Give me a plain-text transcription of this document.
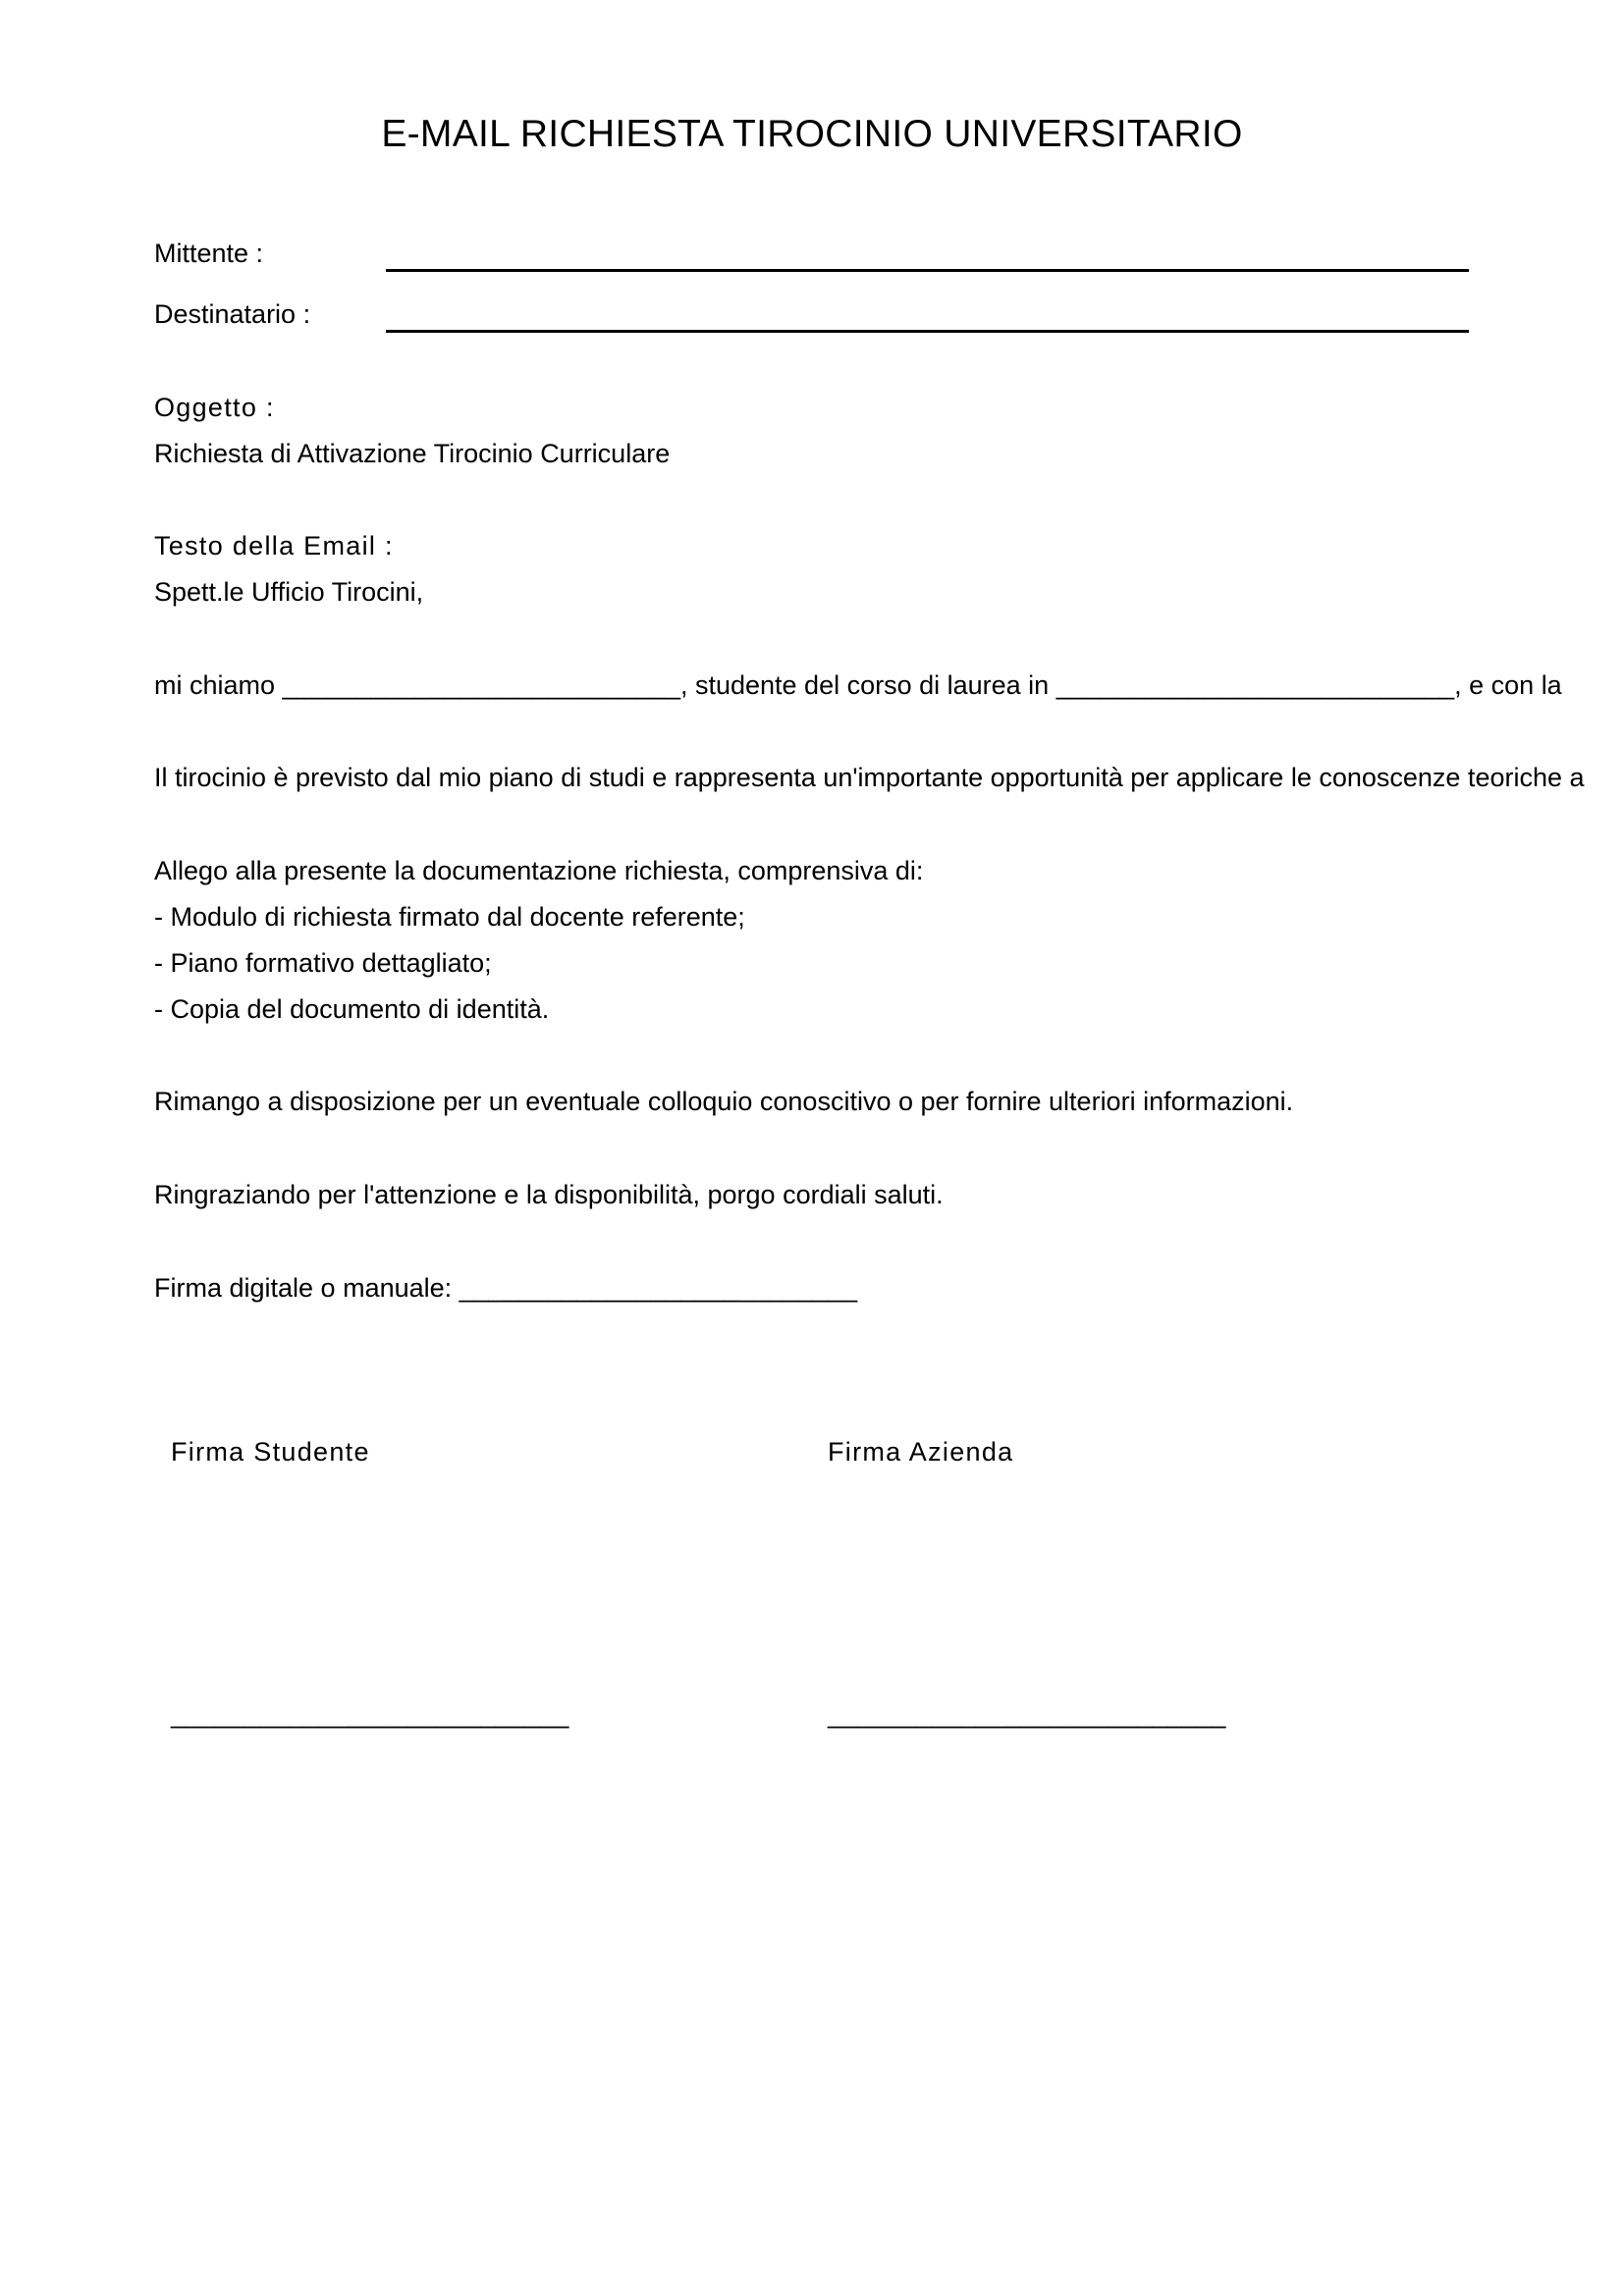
E-MAIL RICHIESTA TIROCINIO UNIVERSITARIO
Mittente :
Destinatario :
Oggetto :
Richiesta di Attivazione Tirocinio Curriculare
Testo della Email :
Spett.le Ufficio Tirocini,
mi chiamo ___________________________, studente del corso di laurea in ___________________________, e con la
Il tirocinio è previsto dal mio piano di studi e rappresenta un'importante opportunità per applicare le conoscenze teoriche a
Allego alla presente la documentazione richiesta, comprensiva di:
- Modulo di richiesta firmato dal docente referente;
- Piano formativo dettagliato;
- Copia del documento di identità.
Rimango a disposizione per un eventuale colloquio conoscitivo o per fornire ulteriori informazioni.
Ringraziando per l'attenzione e la disponibilità, porgo cordiali saluti.
Firma digitale o manuale: ___________________________
Firma Studente	Firma Azienda
___________________________	___________________________
